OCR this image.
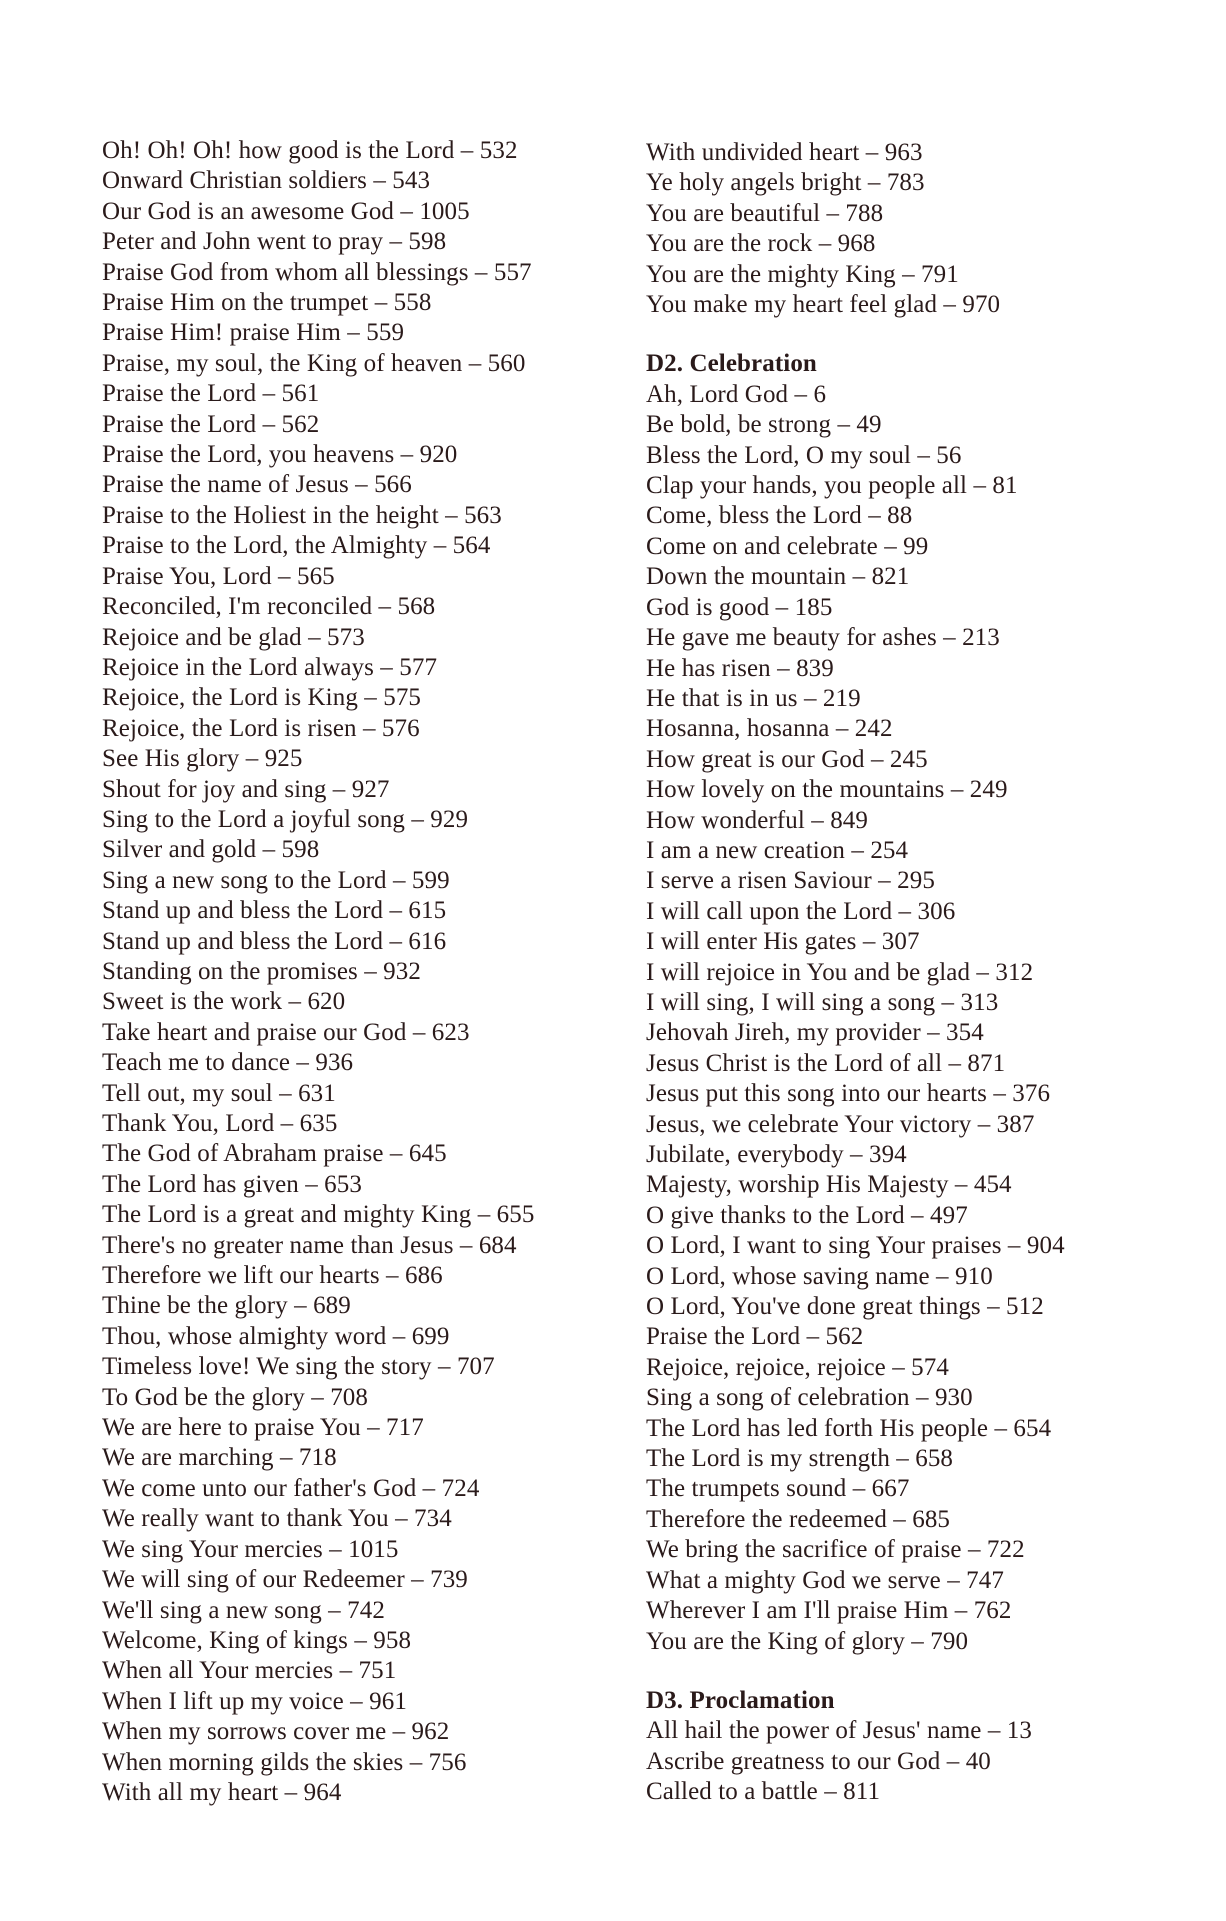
Oh! Oh! Oh! how good is the Lord – 532
Onward Christian soldiers – 543
Our God is an awesome God – 1005
Peter and John went to pray – 598
Praise God from whom all blessings – 557
Praise Him on the trumpet – 558
Praise Him! praise Him – 559
Praise, my soul, the King of heaven – 560
Praise the Lord – 561
Praise the Lord – 562
Praise the Lord, you heavens – 920
Praise the name of Jesus – 566
Praise to the Holiest in the height – 563
Praise to the Lord, the Almighty – 564
Praise You, Lord – 565
Reconciled, I'm reconciled – 568
Rejoice and be glad – 573
Rejoice in the Lord always – 577
Rejoice, the Lord is King – 575
Rejoice, the Lord is risen – 576
See His glory – 925
Shout for joy and sing – 927
Sing to the Lord a joyful song – 929
Silver and gold – 598
Sing a new song to the Lord – 599
Stand up and bless the Lord – 615
Stand up and bless the Lord – 616
Standing on the promises – 932
Sweet is the work – 620
Take heart and praise our God – 623
Teach me to dance – 936
Tell out, my soul – 631
Thank You, Lord – 635
The God of Abraham praise – 645
The Lord has given – 653
The Lord is a great and mighty King – 655
There's no greater name than Jesus – 684
Therefore we lift our hearts – 686
Thine be the glory – 689
Thou, whose almighty word – 699
Timeless love! We sing the story – 707
To God be the glory – 708
We are here to praise You – 717
We are marching – 718
We come unto our father's God – 724
We really want to thank You – 734
We sing Your mercies – 1015
We will sing of our Redeemer – 739
We'll sing a new song – 742
Welcome, King of kings – 958
When all Your mercies – 751
When I lift up my voice – 961
When my sorrows cover me – 962
When morning gilds the skies – 756
With all my heart – 964
With undivided heart – 963
Ye holy angels bright – 783
You are beautiful – 788
You are the rock – 968
You are the mighty King – 791
You make my heart feel glad – 970
D2. Celebration
Ah, Lord God – 6
Be bold, be strong – 49
Bless the Lord, O my soul – 56
Clap your hands, you people all – 81
Come, bless the Lord – 88
Come on and celebrate – 99
Down the mountain – 821
God is good – 185
He gave me beauty for ashes – 213
He has risen – 839
He that is in us – 219
Hosanna, hosanna – 242
How great is our God – 245
How lovely on the mountains – 249
How wonderful – 849
I am a new creation – 254
I serve a risen Saviour – 295
I will call upon the Lord – 306
I will enter His gates – 307
I will rejoice in You and be glad – 312
I will sing, I will sing a song – 313
Jehovah Jireh, my provider – 354
Jesus Christ is the Lord of all – 871
Jesus put this song into our hearts – 376
Jesus, we celebrate Your victory – 387
Jubilate, everybody – 394
Majesty, worship His Majesty – 454
O give thanks to the Lord – 497
O Lord, I want to sing Your praises – 904
O Lord, whose saving name – 910
O Lord, You've done great things – 512
Praise the Lord – 562
Rejoice, rejoice, rejoice – 574
Sing a song of celebration – 930
The Lord has led forth His people – 654
The Lord is my strength – 658
The trumpets sound – 667
Therefore the redeemed – 685
We bring the sacrifice of praise – 722
What a mighty God we serve – 747
Wherever I am I'll praise Him – 762
You are the King of glory – 790
D3. Proclamation
All hail the power of Jesus' name – 13
Ascribe greatness to our God – 40
Called to a battle – 811
